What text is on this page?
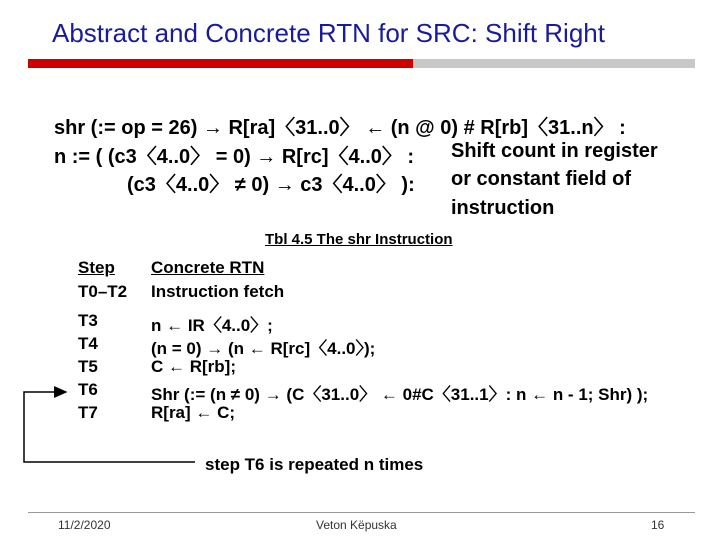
Abstract and Concrete RTN for SRC: Shift Right
shr (:= op = 26) → R[ra]〈31..0〉 ← (n @ 0) # R[rb]〈31..n〉 :
n := ( (c3〈4..0〉 = 0) → R[rc]〈4..0〉 :
(c3〈4..0〉 ≠ 0) → c3〈4..0〉 ):
Shift count in register
or constant field of
instruction
Tbl 4.5 The shr Instruction
Step Concrete RTN
T0–T2 Instruction fetch
T3	n ← IR〈4..0〉;
T4	(n = 0) → (n ← R[rc]〈4..0〉);
T5	C ← R[rb];
T6	Shr (:= (n ≠ 0) → (C〈31..0〉 ← 0#C〈31..1〉: n ← n - 1; Shr) );
T7	R[ra] ← C;
step T6 is repeated n times
11/2/2020	Veton Këpuska	16
